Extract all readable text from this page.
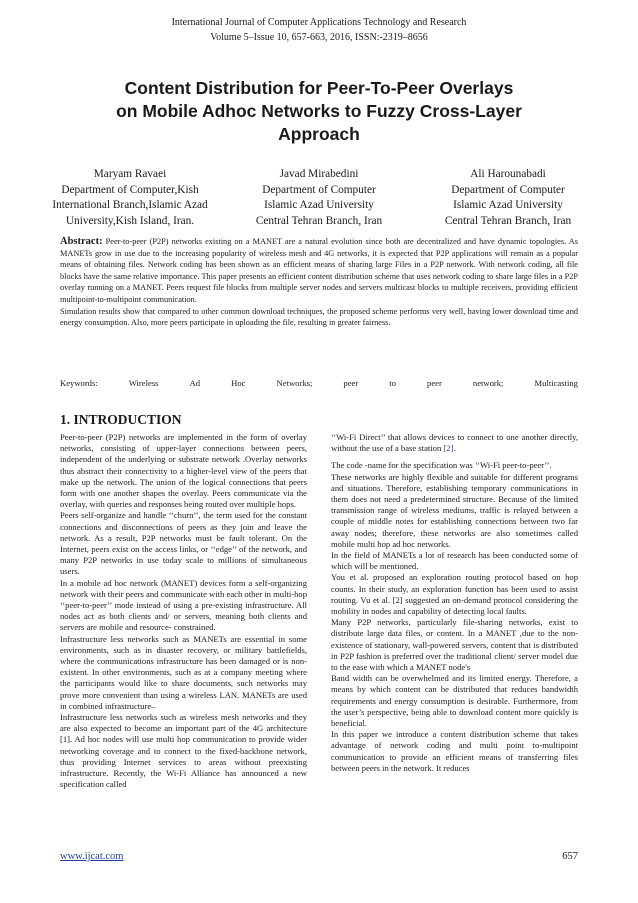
International Journal of Computer Applications Technology and Research
Volume 5–Issue 10, 657-663, 2016, ISSN:-2319–8656
Content Distribution for Peer-To-Peer Overlays
on Mobile Adhoc Networks to Fuzzy Cross-Layer
Approach
Maryam Ravaei
Department of Computer,Kish
International Branch,Islamic Azad
University,Kish Island, Iran.
Javad Mirabedini
Department of Computer
Islamic Azad University
Central Tehran Branch, Iran
Ali Harounabadi
Department of Computer
Islamic Azad University
Central Tehran Branch, Iran

Abstract: Peer-to-peer (P2P) networks existing on a MANET are a natural evolution since both are decentralized and have dynamic topologies. As MANETs grow in use due to the increasing popularity of wireless mesh and 4G networks, it is expected that P2P applications will remain as a popular means of obtaining files. Network coding has been shown as an efficient means of sharing large Files in a P2P network. With network coding, all file blocks have the same relative importance. This paper presents an efficient content distribution scheme that uses network coding to share large files in a P2P overlay running on a MANET. Peers request file blocks from multiple server nodes and servers multicast blocks to multiple receivers, providing efficient multipoint-to-multipoint communication.

Simulation results show that compared to other common download techniques, the proposed scheme performs very well, having lower download time and energy consumption. Also, more peers participate in uploading the file, resulting in greater fairness.

Keywords:	Wireless	Ad	Hoc	Networks;	peer	to	peer	network;	Multicasting
1. INTRODUCTION

Peer-to-peer (P2P) networks are implemented in the form of overlay networks, consisting of upper-layer connections between peers, independent of the underlying or substrate network .Overlay networks thus abstract their connectivity to a higher-level view of the peers that make up the network. The union of the logical connections that peers form with one another shapes the overlay. Peers communicate via the overlay, with queries and responses being routed over multiple hops.

Peers self-organize and handle ‘‘churn’’, the term used for the constant connections and disconnections of peers as they join and leave the network. As a result, P2P networks must be fault tolerant. On the Internet, peers exist on the access links, or ‘‘edge’’ of the network, and many P2P networks in use today scale to millions of simultaneous users.

In a mobile ad hoc network (MANET) devices form a self-organizing network with their peers and communicate with each other in multi-hop ‘‘peer-to-peer’’ mode instead of using a pre-existing infrastructure. All nodes act as both clients and/ or servers, meaning both clients and servers are mobile and resource- constrained.

Infrastructure less networks such as MANETs are essential in some environments, such as in disaster recovery, or military battlefields, where the communications infrastructure has been damaged or is non-existent. In other environments, such as at a company meeting where the participants would like to share documents, such networks may prove more convenient than using a wireless LAN. MANETs are used in combined infrastructure–

Infrastructure less networks such as wireless mesh networks and they are also expected to become an important part of the 4G architecture [1]. Ad hoc nodes will use multi hop communication to provide wider networking coverage and to connect to the fixed-backbone network, thus providing Internet services to areas without preexisting infrastructure. Recently, the Wi-Fi Alliance has announced a new specification called

‘‘Wi-Fi Direct’’ that allows devices to connect to one another directly, without the use of a base station [2].

The code -name for the specification was ‘‘Wi-Fi peer-to-peer’’.

These networks are highly flexible and suitable for different programs and situations. Therefore, establishing temporary communications in them does not need a predetermined structure. Because of the limited transmission range of wireless mediums, traffic is relayed between a couple of middle notes for establishing connections between two far away nodes; therefore, these networks are also sometimes called mobile multi hop ad hoc networks.

In the field of MANETs a lot of research has been conducted some of which will be mentioned.

You et al. proposed an exploration routing protocol based on hop counts. In their study, an exploration function has been used to assist routing. Vu et al. [2] suggested an on-demand protocol considering the mobility in nodes and capability of detecting local faults.

Many P2P networks, particularly file-sharing networks, exist to distribute large data files, or content. In a MANET ,due to the non-existence of stationary, wall-powered servers, content that is distributed in P2P fashion is preferred over the traditional client/ server model due to the ease with which a MANET node's

Band width can be overwhelmed and its limited energy. Therefore, a means by which content can be distributed that reduces bandwidth requirements and energy consumption is desirable. Furthermore, from the user’s perspective, being able to download content more quickly is beneficial.

In this paper we introduce a content distribution scheme that takes advantage of network coding and multi point to-multipoint communication to provide an efficient means of transferring files between peers in the network. It reduces

www.ijcat.com	657
